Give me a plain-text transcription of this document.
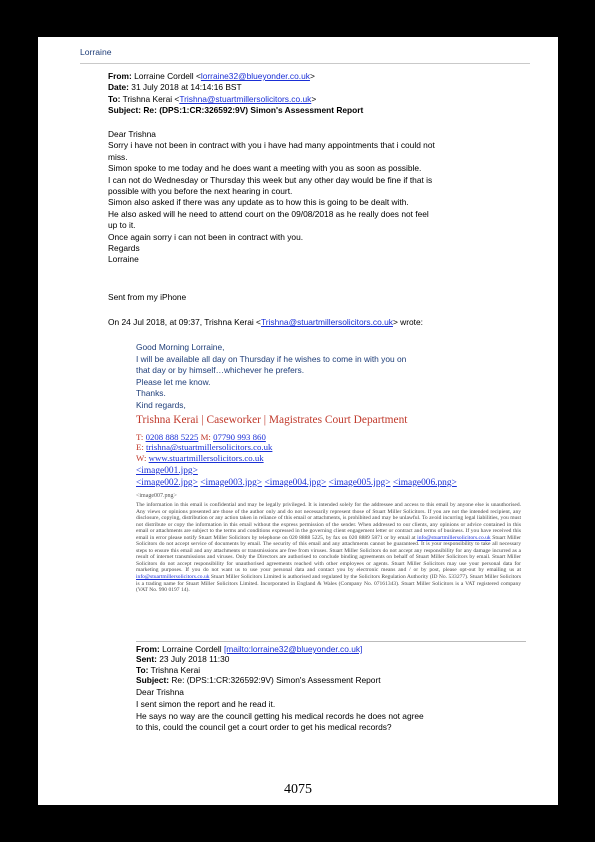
Lorraine
From: Lorraine Cordell <lorraine32@blueyonder.co.uk>
Date: 31 July 2018 at 14:14:16 BST
To: Trishna Kerai <Trishna@stuartmillersolicitors.co.uk>
Subject: Re: (DPS:1:CR:326592:9V) Simon's Assessment Report
Dear Trishna
Sorry i have not been in contract with you i have had many appointments that i could not
miss.
Simon spoke to me today and he does want a meeting with you as soon as possible.
I can not do Wednesday or Thursday this week but any other day would be fine if that is
possible with you before the next hearing in court.
Simon also asked if there was any update as to how this is going to be dealt with.
He also asked will he need to attend court on the 09/08/2018 as he really does not feel
up to it.
Once again sorry i can not been in contract with you.
Regards
Lorraine
Sent from my iPhone
On 24 Jul 2018, at 09:37, Trishna Kerai <Trishna@stuartmillersolicitors.co.uk> wrote:
Good Morning Lorraine,
I will be available all day on Thursday if he wishes to come in with you on
that day or by himself…whichever he prefers.
Please let me know.
Thanks.
Kind regards,
Trishna Kerai | Caseworker | Magistrates Court Department
T: 0208 888 5225 M: 07790 993 860
E: trishna@stuartmillersolicitors.co.uk
W: www.stuartmillersolicitors.co.uk
<image001.jpg>
<image002.jpg> <image003.jpg> <image004.jpg> <image005.jpg> <image006.png>
<image007.png>
The information in this email is confidential and may be legally privileged. It is intended solely for the addressee and access to this email by anyone else is unauthorised. Any views or opinions presented are those of the author only and do not necessarily represent those of Stuart Miller Solicitors. If you are not the intended recipient, any disclosure, copying, distribution or any action taken in reliance of this email or attachments, is prohibited and may be unlawful. To avoid incurring legal liabilities, you must not distribute or copy the information in this email without the express permission of the sender. When addressed to our clients, any opinions or advice contained in this email or attachments are subject to the terms and conditions expressed in the governing client engagement letter or contract and terms of business. If you have received this email in error please notify Stuart Miller Solicitors by telephone on 020 8888 5225, by fax on 020 8889 5871 or by email at info@stuartmillersolicitors.co.uk Stuart Miller Solicitors do not accept service of documents by email. The security of this email and any attachments cannot be guaranteed. It is your responsibility to take all necessary steps to ensure this email and any attachments or transmissions are free from viruses. Stuart Miller Solicitors do not accept any responsibility for any damage incurred as a result of internet transmissions and viruses. Only the Directors are authorised to conclude binding agreements on behalf of Stuart Miller Solicitors by email. Stuart Miller Solicitors do not accept responsibility for unauthorised agreements reached with other employees or agents. Stuart Miller Solicitors may use your personal data for marketing purposes. If you do not want us to use your personal data and contact you by electronic means and / or by post, please opt-out by emailing us at info@stuartmillersolicitors.co.uk Stuart Miller Solicitors Limited is authorised and regulated by the Solicitors Regulation Authority (ID No. 533277). Stuart Miller Solicitors is a trading name for Stuart Miller Solicitors Limited. Incorporated in England & Wales (Company No. 07161343). Stuart Miller Solicitors is a VAT registered company (VAT No. 990 0197 14).
From: Lorraine Cordell [mailto:lorraine32@blueyonder.co.uk]
Sent: 23 July 2018 11:30
To: Trishna Kerai
Subject: Re: (DPS:1:CR:326592:9V) Simon's Assessment Report
Dear Trishna
I sent simon the report and he read it.
He says no way are the council getting his medical records he does not agree
to this, could the council get a court order to get his medical records?
4075
